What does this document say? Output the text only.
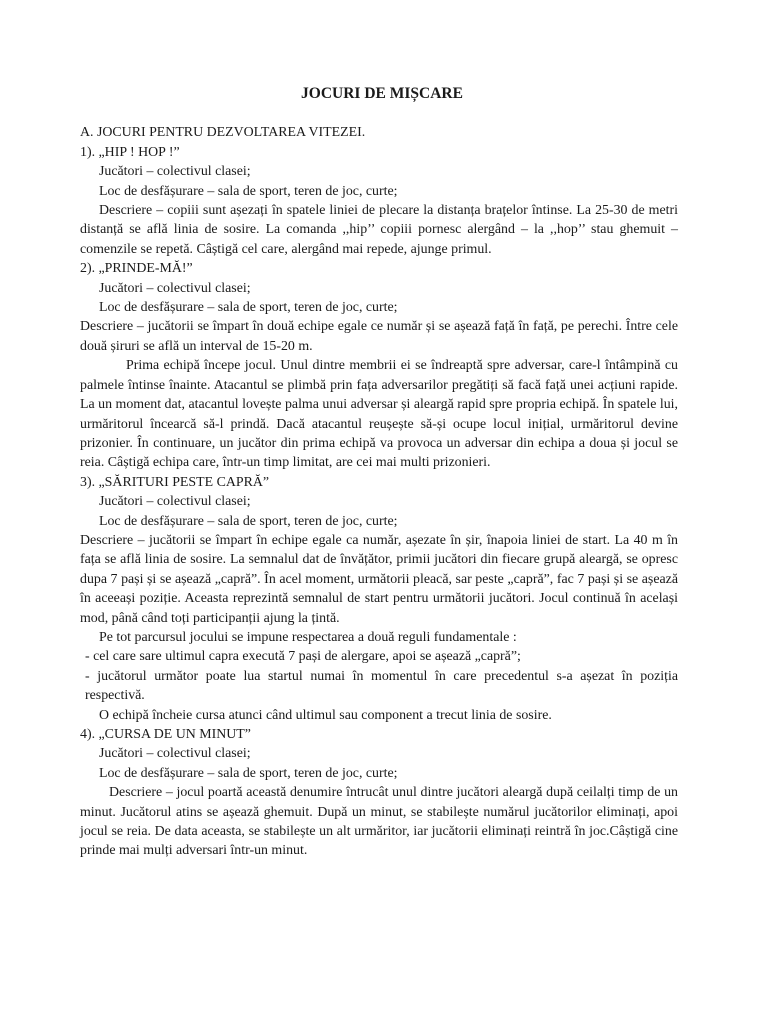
JOCURI DE MIȘCARE

A. JOCURI PENTRU DEZVOLTAREA VITEZEI.

1). „HIP ! HOP !”

Jucători – colectivul clasei;

Loc de desfășurare – sala de sport, teren de joc, curte;

Descriere – copiii sunt așezați în spatele liniei de plecare la distanța brațelor întinse. La 25-30 de metri distanță se află linia de sosire. La comanda ,,hip’’ copiii pornesc alergând – la ,,hop’’ stau ghemuit – comenzile se repetă. Câștigă cel care, alergând mai repede, ajunge primul.

2). „PRINDE-MĂ!”

Jucători – colectivul clasei;

Loc de desfășurare – sala de sport, teren de joc, curte;

Descriere – jucătorii se împart în două echipe egale ce număr și se așează față în față, pe perechi. Între cele două șiruri se află un interval de 15-20 m.

Prima echipă începe jocul. Unul dintre membrii ei se îndreaptă spre adversar, care-l întâmpină cu palmele întinse înainte. Atacantul se plimbă prin fața adversarilor pregătiți să facă față unei acțiuni rapide. La un moment dat, atacantul lovește palma unui adversar și aleargă rapid spre propria echipă. În spatele lui, urmăritorul încearcă să-l prindă. Dacă atacantul reușește să-și ocupe locul inițial, urmăritorul devine prizonier. În continuare, un jucător din prima echipă va provoca un adversar din echipa a doua și jocul se reia. Câștigă echipa care, într-un timp limitat, are cei mai multi prizonieri.

3). „SĂRITURI PESTE CAPRĂ”

Jucători – colectivul clasei;

Loc de desfășurare – sala de sport, teren de joc, curte;

Descriere – jucătorii se împart în echipe egale ca număr, așezate în șir, înapoia liniei de start. La 40 m în fața se află linia de sosire. La semnalul dat de învățător, primii jucători din fiecare grupă aleargă, se opresc dupa 7 pași și se așează „capră”. În acel moment, următorii pleacă, sar peste „capră”, fac 7 pași și se așează în aceeași poziție. Aceasta reprezintă semnalul de start pentru următorii jucători. Jocul continuă în același mod, până când toți participanții ajung la țintă.

Pe tot parcursul jocului se impune respectarea a două reguli fundamentale :

- cel care sare ultimul capra execută 7 pași de alergare, apoi se așează „capră”;

- jucătorul următor poate lua startul numai în momentul în care precedentul s-a așezat în poziția respectivă.

O echipă încheie cursa atunci când ultimul sau component a trecut linia de sosire.

4). „CURSA DE UN MINUT”

Jucători – colectivul clasei;

Loc de desfășurare – sala de sport, teren de joc, curte;

Descriere – jocul poartă această denumire întrucât unul dintre jucători aleargă după ceilalți timp de un minut. Jucătorul atins se așează ghemuit. După un minut, se stabilește numărul jucătorilor eliminați, apoi jocul se reia. De data aceasta, se stabilește un alt urmăritor, iar jucătorii eliminați reintră în joc.Câștigă cine prinde mai mulți adversari într-un minut.
